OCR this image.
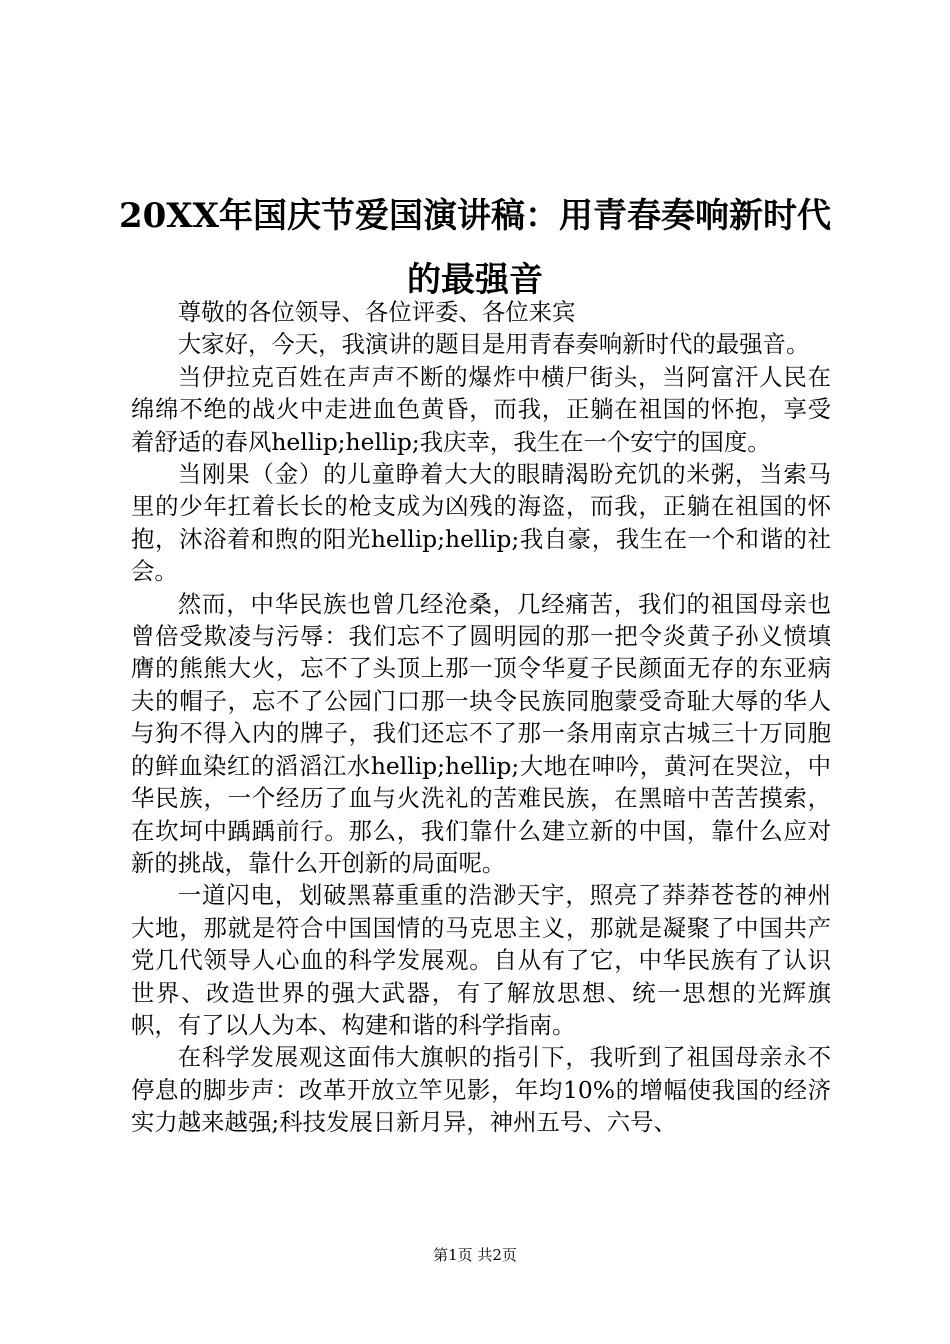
20XX年国庆节爱国演讲稿：用青春奏响新时代的最强音

尊敬的各位领导、各位评委、各位来宾

大家好，今天，我演讲的题目是用青春奏响新时代的最强音。

当伊拉克百姓在声声不断的爆炸中横尸街头，当阿富汗人民在绵绵不绝的战火中走进血色黄昏，而我，正躺在祖国的怀抱，享受着舒适的春风hellip;hellip;我庆幸，我生在一个安宁的国度。

当刚果（金）的儿童睁着大大的眼睛渴盼充饥的米粥，当索马里的少年扛着长长的枪支成为凶残的海盗，而我，正躺在祖国的怀抱，沐浴着和煦的阳光hellip;hellip;我自豪，我生在一个和谐的社会。

然而，中华民族也曾几经沧桑，几经痛苦，我们的祖国母亲也曾倍受欺凌与污辱：我们忘不了圆明园的那一把令炎黄子孙义愤填膺的熊熊大火，忘不了头顶上那一顶令华夏子民颜面无存的东亚病夫的帽子，忘不了公园门口那一块令民族同胞蒙受奇耻大辱的华人与狗不得入内的牌子，我们还忘不了那一条用南京古城三十万同胞的鲜血染红的滔滔江水hellip;hellip;大地在呻吟，黄河在哭泣，中华民族，一个经历了血与火洗礼的苦难民族，在黑暗中苦苦摸索，在坎坷中踽踽前行。那么，我们靠什么建立新的中国，靠什么应对新的挑战，靠什么开创新的局面呢。

一道闪电，划破黑幕重重的浩渺天宇，照亮了莽莽苍苍的神州大地，那就是符合中国国情的马克思主义，那就是凝聚了中国共产党几代领导人心血的科学发展观。自从有了它，中华民族有了认识世界、改造世界的强大武器，有了解放思想、统一思想的光辉旗帜，有了以人为本、构建和谐的科学指南。

在科学发展观这面伟大旗帜的指引下，我听到了祖国母亲永不停息的脚步声：改革开放立竿见影，年均10%的增幅使我国的经济实力越来越强;科技发展日新月异，神州五号、六号、

第1页 共2页
